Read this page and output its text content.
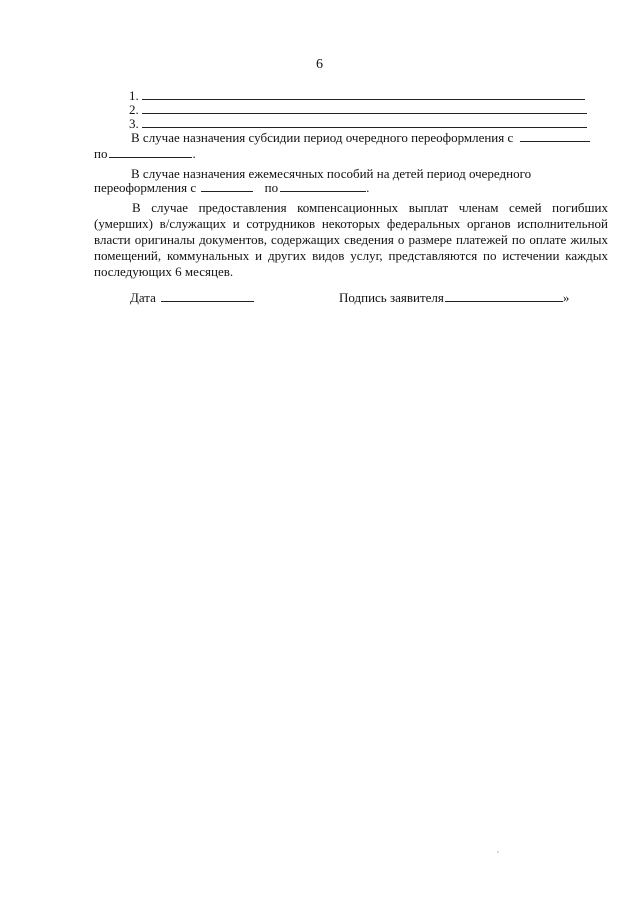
6
1.
2.
3.
В случае назначения субсидии период очередного переоформления с
по	.
В случае назначения ежемесячных пособий на детей период очередного
переоформления с	по	.
В случае предоставления компенсационных выплат членам семей погибших
(умерших) в/служащих и сотрудников некоторых федеральных органов исполнительной
власти оригиналы документов, содержащих сведения о размере платежей по оплате жилых
помещений, коммунальных и других видов услуг, представляются по истечении каждых
последующих 6 месяцев.
Дата	Подпись заявителя	»
